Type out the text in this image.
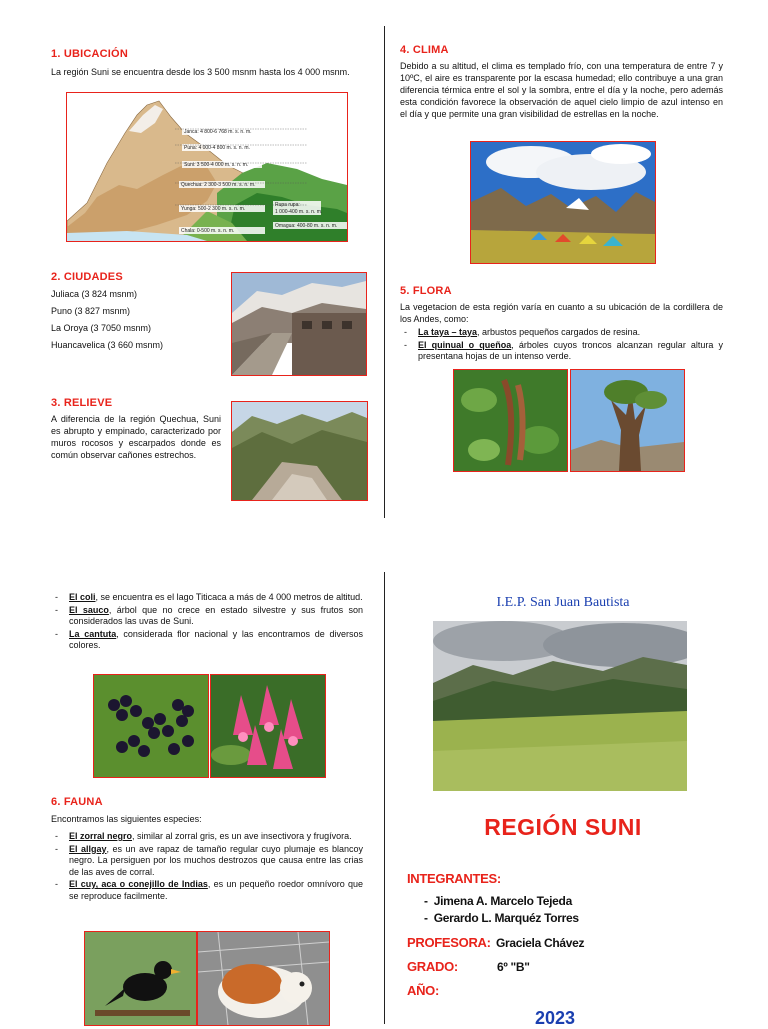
1. UBICACIÓN
La región Suni se encuentra desde los 3 500 msnm hasta los 4 000 msnm.
Janca: 4 800-6 768 m. s. n. m.
Puna: 4 000-4 800 m. s. n. m.
Suni: 3 500-4 000 m. s. n. m.
Quechua: 2 300-3 500 m. s. n. m.
Yunga: 500-2 300 m. s. n. m.
Chala: 0-500 m. s. n. m.
Rupa rupa:
1 000-400 m. s. n. m.
Omagua: 400-80 m. s. n. m.
2. CIUDADES
Juliaca (3 824 msnm)
Puno (3 827 msnm)
La Oroya (3 7050 msnm)
Huancavelica (3 660 msnm)
3. RELIEVE
A diferencia de la región Quechua, Suni es abrupto y empinado, caracterizado por muros rocosos y escarpados donde es común observar cañones estrechos.
4. CLIMA
Debido a su altitud, el clima es templado frío, con una temperatura de entre 7 y 10ºC, el aire es transparente por la escasa humedad; ello contribuye a una gran diferencia térmica entre el sol y la sombra, entre el día y la noche, pero además esta condición favorece la observación de aquel cielo limpio de azul intenso en el día y que permite una gran visibilidad de estrellas en la noche.
5. FLORA
La vegetacion de esta región varía en cuanto a su ubicación de la cordillera de los Andes, como:
- La taya – taya, arbustos pequeños cargados de resina.
- El quinual o queñoa, árboles cuyos troncos alcanzan regular altura y presentanа hojas de un intenso verde.
- El coli, se encuentra es el lago Titicaca a más de 4 000 metros de altitud.
- El sauco, árbol que no crece en estado silvestre y sus frutos son considerados las uvas de Suni.
- La cantuta, considerada flor nacional y las encontramos de diversos colores.
6. FAUNA
Encontramos las siguientes especies:
- El zorral negro, similar al zorral gris, es un ave insectivora y frugívora.
- El allgay, es un ave rapaz de tamaño regular cuyo plumaje es blancoy negro. La persiguen por los muchos destrozos que causa entre las crias de las aves de corral.
- El cuy, aca o conejillo de Indias, es un pequeño roedor omnívoro que se reproduce facilmente.
I.E.P. San Juan Bautista
REGIÓN SUNI
INTEGRANTES:
-  Jimena A. Marcelo Tejeda
-  Gerardo L. Marquéz Torres
PROFESORA: Graciela Chávez
GRADO:	6º "B"
AÑO:
2023
